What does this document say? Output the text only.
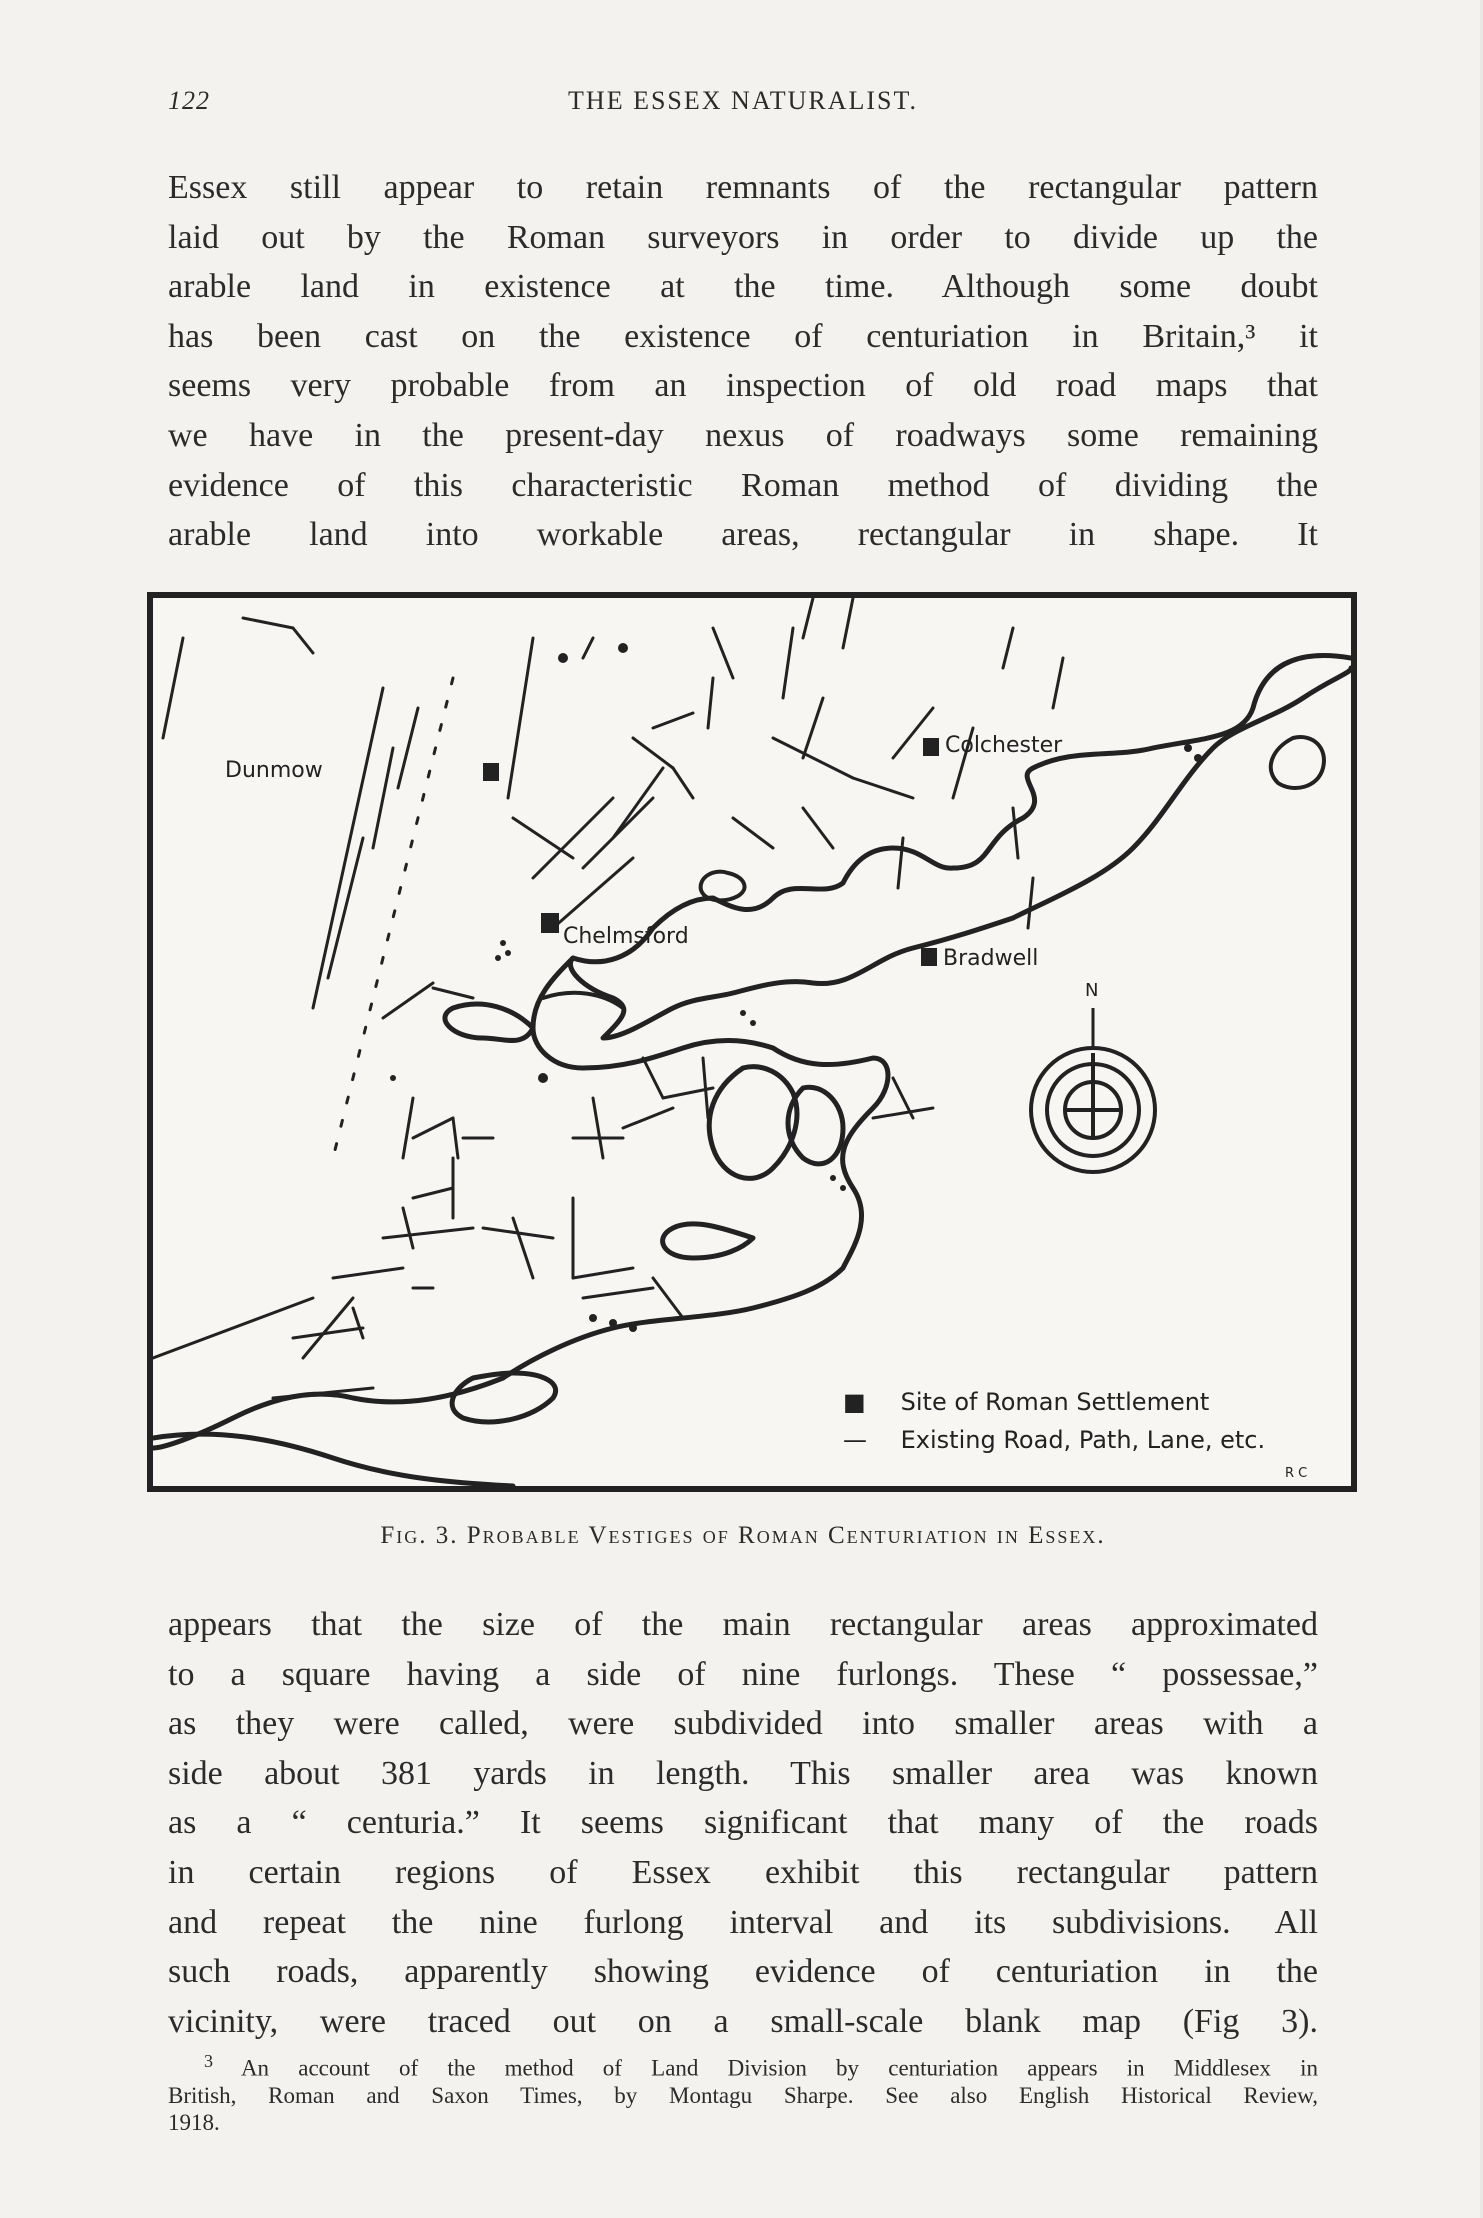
122	THE ESSEX NATURALIST.
Essex still appear to retain remnants of the rectangular pattern
laid out by the Roman surveyors in order to divide up the
arable land in existence at the time. Although some doubt
has been cast on the existence of centuriation in Britain,³ it
seems very probable from an inspection of old road maps that
we have in the present-day nexus of roadways some remaining
evidence of this characteristic Roman method of dividing the
arable land into workable areas, rectangular in shape. It
Dunmow
Colchester
Chelmsford
Bradwell
N
■ Site of Roman Settlement
— Existing Road, Path, Lane, etc.
R C
Fig. 3. Probable Vestiges of Roman Centuriation in Essex.
appears that the size of the main rectangular areas approximated
to a square having a side of nine furlongs. These “ possessae,”
as they were called, were subdivided into smaller areas with a
side about 381 yards in length. This smaller area was known
as a “ centuria.” It seems significant that many of the roads
in certain regions of Essex exhibit this rectangular pattern
and repeat the nine furlong interval and its subdivisions. All
such roads, apparently showing evidence of centuriation in the
vicinity, were traced out on a small-scale blank map (Fig 3).
$^3$ An account of the method of Land Division by centuriation appears in Middlesex in
British, Roman and Saxon Times, by Montagu Sharpe. See also English Historical Review,
1918.
